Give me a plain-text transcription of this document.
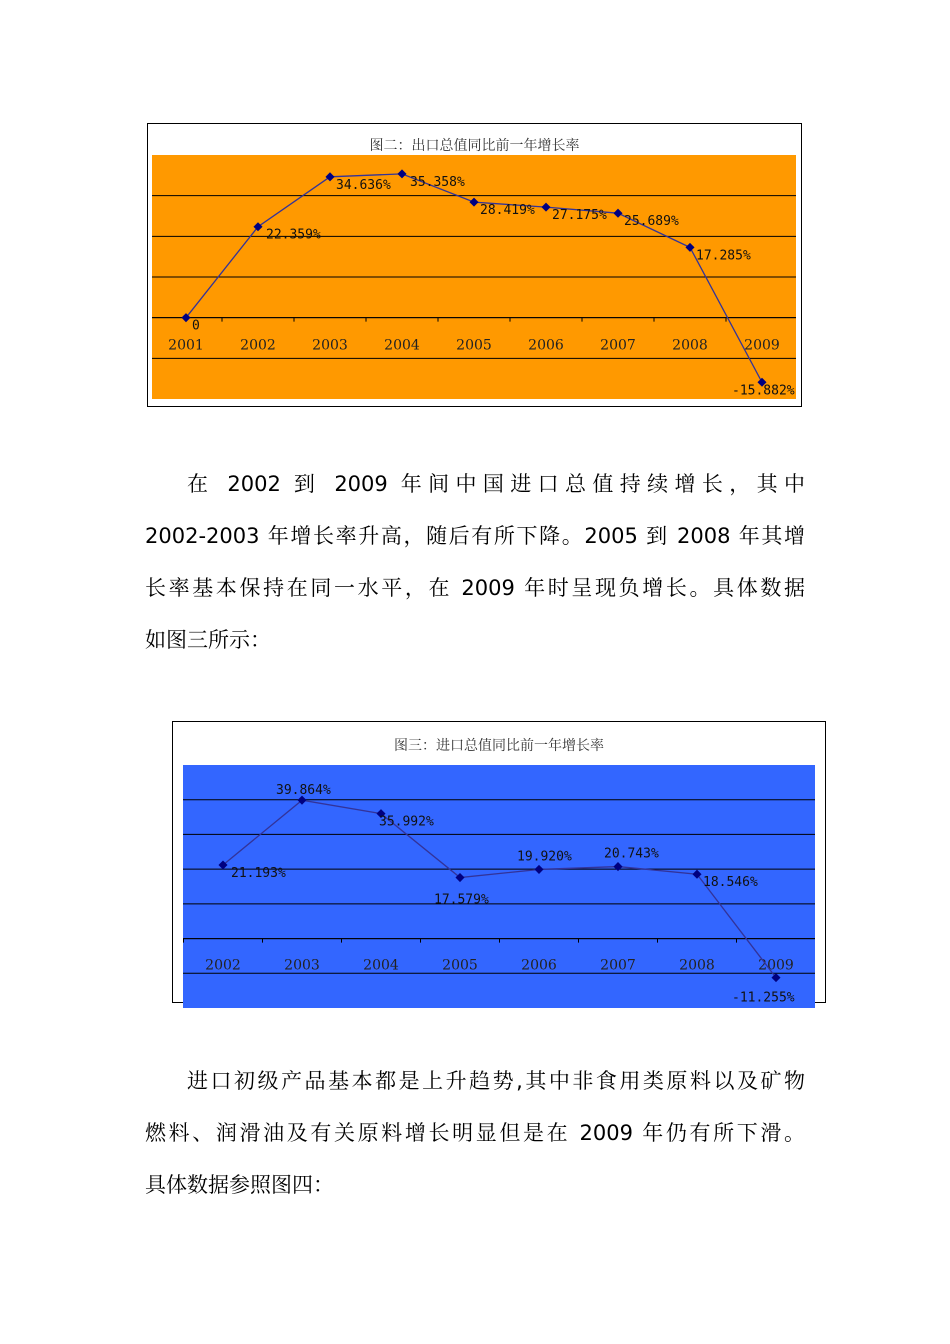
图二：出口总值同比前一年增长率
2001	2002	2003	2004	2005	2006	2007	2008	2009
0
22.359%
34.636% 35.358%
28.419% 27.175% 25.689%
17.285%
-15.882%
在 2002 到 2009 年间中国进口总值持续增长，其中
2002-2003 年增长率升高，随后有所下降。2005 到 2008 年其增
长率基本保持在同一水平，在 2009 年时呈现负增长。具体数据
如图三所示：
图三：进口总值同比前一年增长率
2002	2003	2004	2005	2006	2007	2008	2009
21.193%
39.864%
35.992%
17.579%
19.920% 20.743%
18.546%
-11.255%
进口初级产品基本都是上升趋势,其中非食用类原料以及矿物
燃料、润滑油及有关原料增长明显但是在 2009 年仍有所下滑。
具体数据参照图四：
